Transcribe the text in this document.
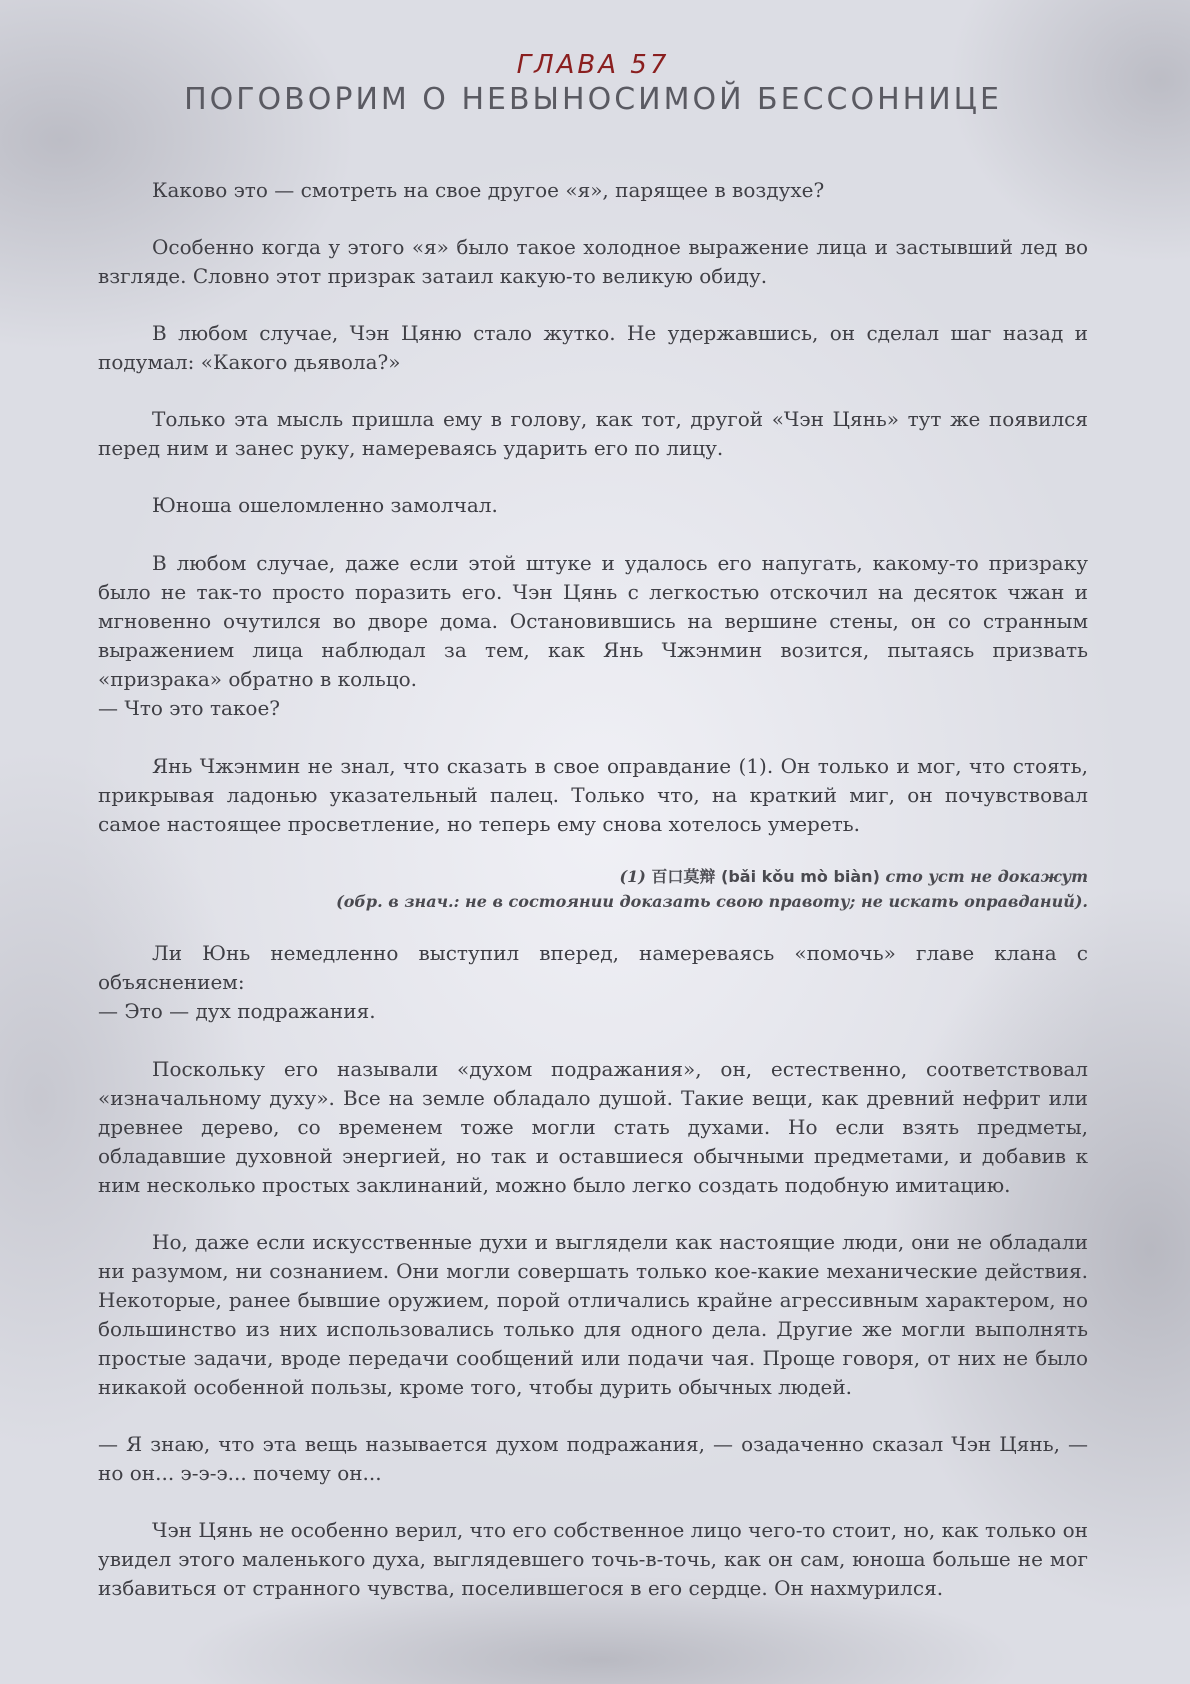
ГЛАВА 57
ПОГОВОРИМ О НЕВЫНОСИМОЙ БЕССОННИЦЕ

Каково это — смотреть на свое другое «я», парящее в воздухе?

Особенно когда у этого «я» было такое холодное выражение лица и застывший лед во взгляде. Словно этот призрак затаил какую-то великую обиду.

В любом случае, Чэн Цяню стало жутко. Не удержавшись, он сделал шаг назад и подумал: «Какого дьявола?»

Только эта мысль пришла ему в голову, как тот, другой «Чэн Цянь» тут же появился перед ним и занес руку, намереваясь ударить его по лицу.

Юноша ошеломленно замолчал.

В любом случае, даже если этой штуке и удалось его напугать, какому-то призраку было не так-то просто поразить его. Чэн Цянь с легкостью отскочил на десяток чжан и мгновенно очутился во дворе дома. Остановившись на вершине стены, он со странным выражением лица наблюдал за тем, как Янь Чжэнмин возится, пытаясь призвать «призрака» обратно в кольцо.

— Что это такое?

Янь Чжэнмин не знал, что сказать в свое оправдание (1). Он только и мог, что стоять, прикрывая ладонью указательный палец. Только что, на краткий миг, он почувствовал самое настоящее просветление, но теперь ему снова хотелось умереть.

(1) 百口莫辩 (bǎi kǒu mò biàn) сто уст не докажут
(обр. в знач.: не в состоянии доказать свою правоту; не искать оправданий).

Ли Юнь немедленно выступил вперед, намереваясь «помочь» главе клана с объяснением:

— Это — дух подражания.

Поскольку его называли «духом подражания», он, естественно, соответствовал «изначальному духу». Все на земле обладало душой. Такие вещи, как древний нефрит или древнее дерево, со временем тоже могли стать духами. Но если взять предметы, обладавшие духовной энергией, но так и оставшиеся обычными предметами, и добавив к ним несколько простых заклинаний, можно было легко создать подобную имитацию.

Но, даже если искусственные духи и выглядели как настоящие люди, они не обладали ни разумом, ни сознанием. Они могли совершать только кое-какие механические действия. Некоторые, ранее бывшие оружием, порой отличались крайне агрессивным характером, но большинство из них использовались только для одного дела. Другие же могли выполнять простые задачи, вроде передачи сообщений или подачи чая. Проще говоря, от них не было никакой особенной пользы, кроме того, чтобы дурить обычных людей.

— Я знаю, что эта вещь называется духом подражания, — озадаченно сказал Чэн Цянь, — но он... э-э-э... почему он...

Чэн Цянь не особенно верил, что его собственное лицо чего-то стоит, но, как только он увидел этого маленького духа, выглядевшего точь-в-точь, как он сам, юноша больше не мог избавиться от странного чувства, поселившегося в его сердце. Он нахмурился.
